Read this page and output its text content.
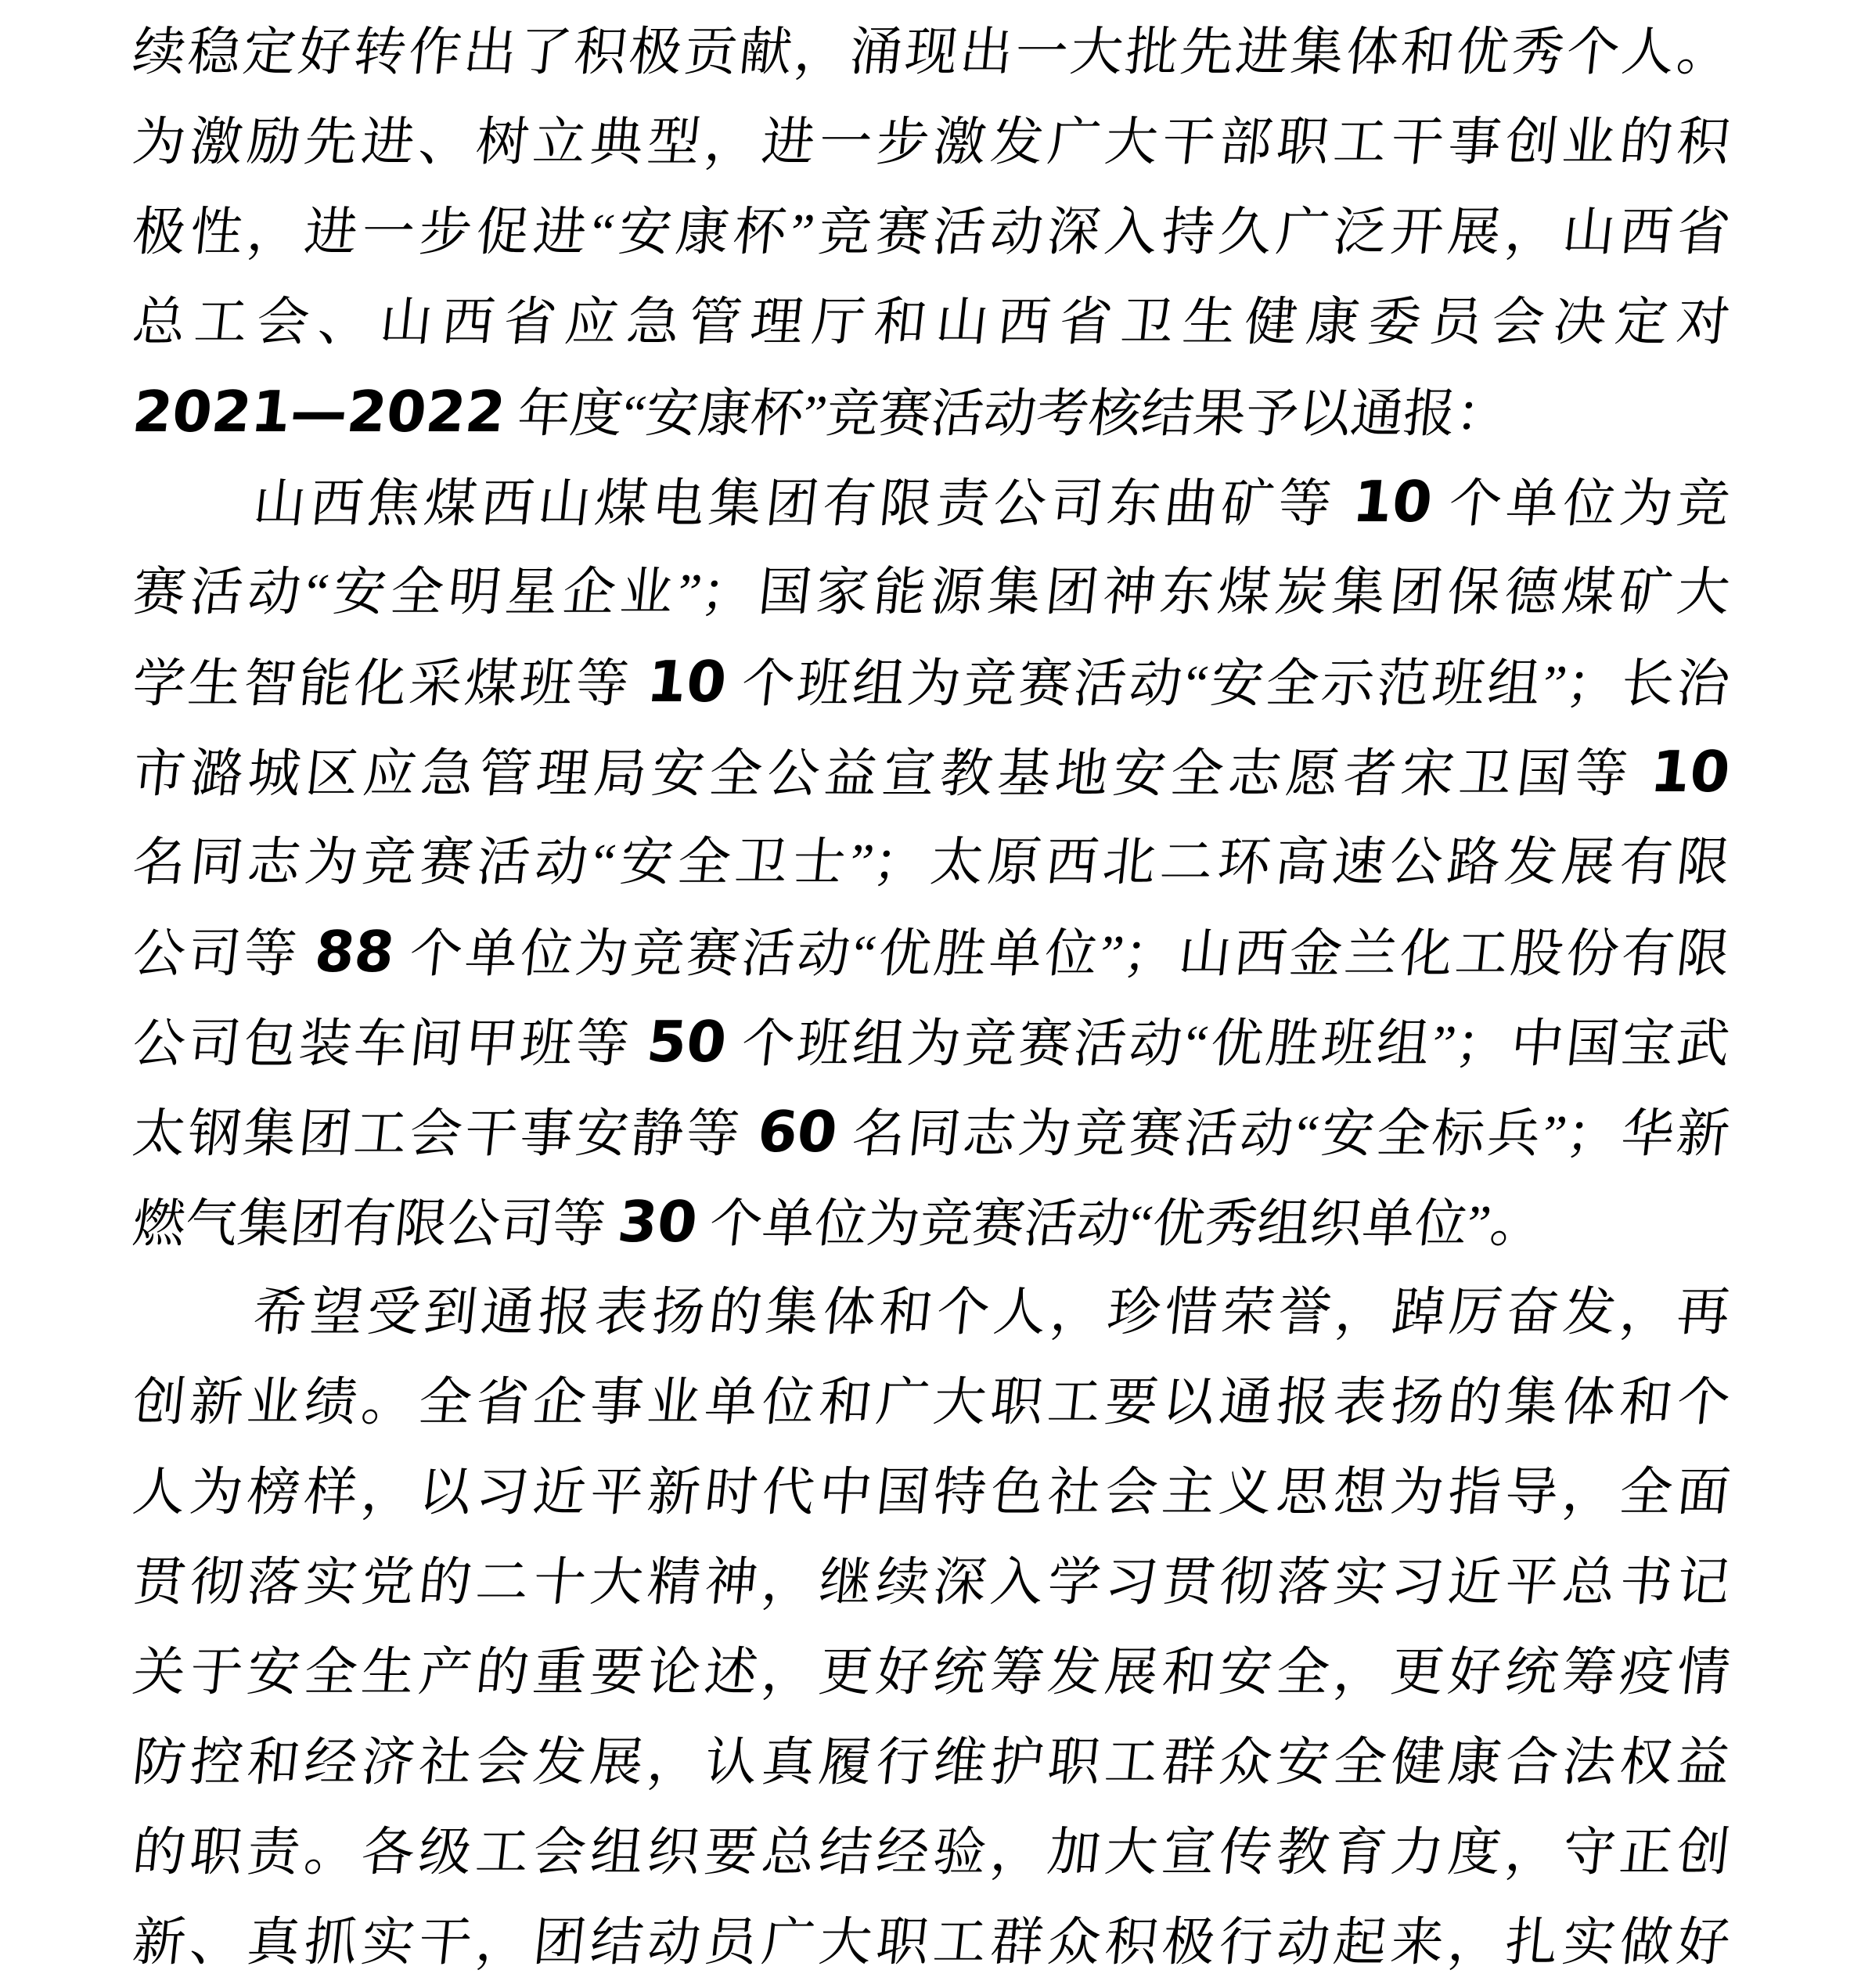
续稳定好转作出了积极贡献，涌现出一大批先进集体和优秀个人。
为激励先进、树立典型，进一步激发广大干部职工干事创业的积
极性，进一步促进“安康杯”竞赛活动深入持久广泛开展，山西省
总工会、山西省应急管理厅和山西省卫生健康委员会决定对
2021—2022 年度“安康杯”竞赛活动考核结果予以通报：
山西焦煤西山煤电集团有限责公司东曲矿等 10 个单位为竞
赛活动“安全明星企业”；国家能源集团神东煤炭集团保德煤矿大
学生智能化采煤班等 10 个班组为竞赛活动“安全示范班组”；长治
市潞城区应急管理局安全公益宣教基地安全志愿者宋卫国等 10
名同志为竞赛活动“安全卫士”；太原西北二环高速公路发展有限
公司等 88 个单位为竞赛活动“优胜单位”；山西金兰化工股份有限
公司包装车间甲班等 50 个班组为竞赛活动“优胜班组”；中国宝武
太钢集团工会干事安静等 60 名同志为竞赛活动“安全标兵”；华新
燃气集团有限公司等 30 个单位为竞赛活动“优秀组织单位”。
希望受到通报表扬的集体和个人，珍惜荣誉，踔厉奋发，再
创新业绩。全省企事业单位和广大职工要以通报表扬的集体和个
人为榜样，以习近平新时代中国特色社会主义思想为指导，全面
贯彻落实党的二十大精神，继续深入学习贯彻落实习近平总书记
关于安全生产的重要论述，更好统筹发展和安全，更好统筹疫情
防控和经济社会发展，认真履行维护职工群众安全健康合法权益
的职责。各级工会组织要总结经验，加大宣传教育力度，守正创
新、真抓实干，团结动员广大职工群众积极行动起来，扎实做好
